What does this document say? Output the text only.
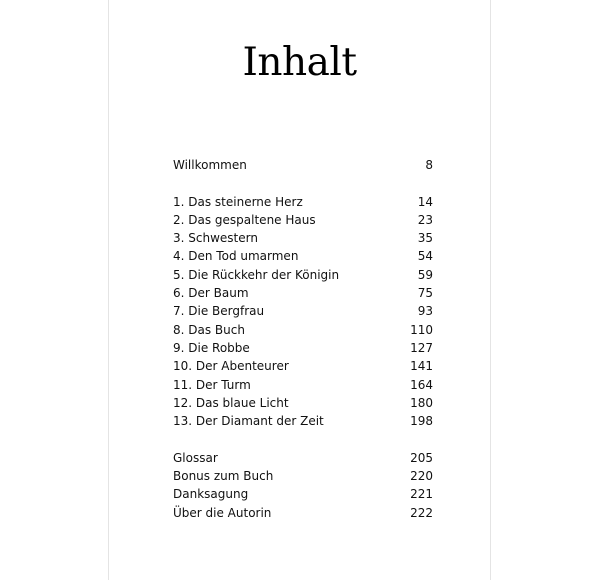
Inhalt
Willkommen	8
1. Das steinerne Herz	14
2. Das gespaltene Haus	23
3. Schwestern	35
4. Den Tod umarmen	54
5. Die Rückkehr der Königin	59
6. Der Baum	75
7. Die Bergfrau	93
8. Das Buch	110
9. Die Robbe	127
10. Der Abenteurer	141
11. Der Turm	164
12. Das blaue Licht	180
13. Der Diamant der Zeit	198
Glossar	205
Bonus zum Buch	220
Danksagung	221
Über die Autorin	222
